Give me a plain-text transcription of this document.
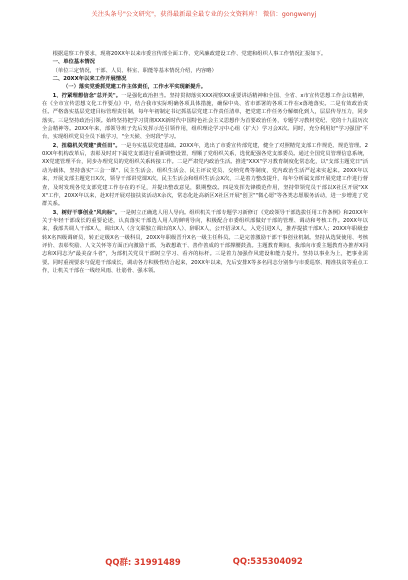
关注头条号"公文研究"，获得最新最全最专业的公文资料库！ 微信：gongwenyj

根据巡察工作要求，现将20XX年以来市委宣传部全面工作、党风廉政建设工作、党建和组织人事工作情况汇报如下。

一、单位基本情况

（单位三定情况，干部、人员、科室、职能等基本情况介绍，内容略）

二、20XX年以来工作开展情况

（一）落实党委抓党建工作主体责任，工作水平实现新提升。

1、拧紧理想信念"总开关"。一是强化政治担当。坚持贯彻落实XXX视察XX重要讲话精神和全国、全省、x市宣传思想工作会议精神，在《全市宣传思想文化工作要点》中，结合我市实际明确各项具体措施，确保中央、省市部署的各项工作在x落地落实。二是有效政治责任。严格落实基层党建目标管理责任制，每年年初制定书记抓基层党建工作责任清单，把党建工作任务分解细化到人，层层传导压力，同步落实。三是坚持政治引领。始终坚持把学习贯彻XXX新时代中国特色社会主义思想作为首要政治任务，专题学习教材党纪、党的十九届历次全会精神等。20XX年来，部领导班子先后发挥示范引领作用，组织理论学习中心组（扩大）学习会X次。同时，充分利用好"学习强国"平台，实现组织党员全员下载学习，"全天候、全时段"学习。

2、扭稳机关党建"责任田"。一是夯实基层党建基础。20XX年，选出了市委宣传部党建，健全了对照精党支部工作规范、规范管理。20XX年机构改革后，表彰及时对下属党支部进行重新调整设置，理顺了党组织关系，选优配强各党支部委员。通过全国党员管理信息系统，XX党建管理平台，同步办理党员的党组织关系转接工作。二是严肃党内政治生活。推进"XXX"学习教育制度化常态化，以"支部主题党日"活动为载体，坚持落实"三会一课"、民主生活会、组织生活会、民主评议党员、交纳党费等制度，党内政治生活严起来实起来。20XX年以来，开展支部主题党日X次，领导干部讲党课X次，民主生活会和组织生活会X次，三是着力整改提升，每年分析属支部开展党建工作进行督查，及时发现各党支部党建工作存在的不足，并提出整改意见，限期整改。四是发挥先锋模范作用，坚持带领党员干部以X社区开展"XXX"工作，20XX年以来，赴X村开展对接扶贫活动X余次，常态化赴高新区X社区开展"创卫""微心愿"等各类志愿服务活动，进一步增进了党群关系。

3、树好干事创业"风向标"。一是树立正确选人用人导向。组织机关干部专题学习新修订《党政领导干部选拔任用工作条例》和20XX年关于年轻干部成长的重要论述，认真落实干部选人用人的鲜明导向，积极配合市委组织部做好干部的管理、调动和考核工作。20XX年以来，我部共调人干部X人，调出X人（含文联独立调出的X人）、辞职X人，公开招录X人，入党引进X人，推荐提拔干部X人；20XX年职级套转X名四级调研员，转正定级X名一级科员，20XX年职级晋升X名一级主任科员。二是完善激励干部干事创业机制。坚持从选贤使用、考核评价、表彰奖励、人文关怀等方面正向激励干部，为敢想敢干、善作善成的干部撑腰鼓劲。主题教育期间，我部向市委主题教育办推荐X同志和X同志为"最美奋斗者"，为部机关党员干部树立学习、看齐的标杆。三是着力加强作风建设和能力提升。坚持以事业为上，把事业需要。同时重视要求与促进干部成长，调动各方积极性结合起来，20XX年以来，先后安排X等多名同志分别参与市委巡察、精准扶贫等重点工作，让机关干部在一线经风雨、壮筋骨、强本领。

QQ群: 31991489	QQ:535304092
